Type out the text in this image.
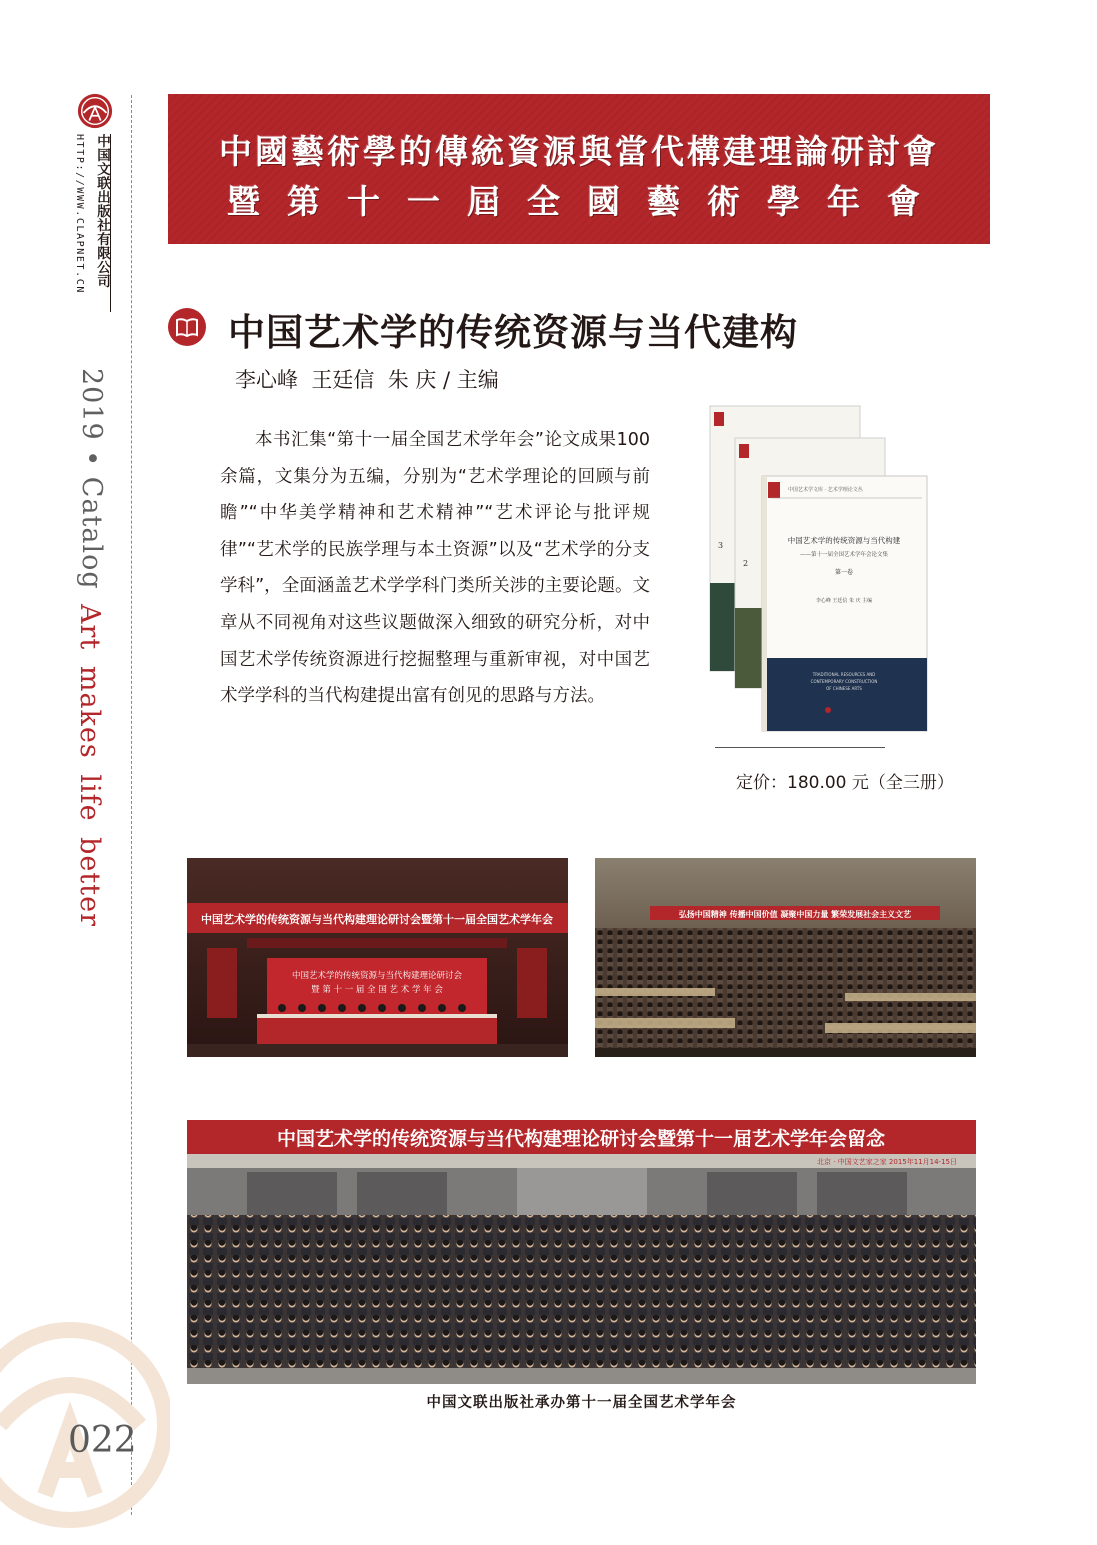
中国文联出版社有限公司
HTTP://WWW.CLAPNET.CN
2019 • Catalog
Art makes life better
022
中國藝術學的傳統資源與當代構建理論研討會
暨第十一屆全國藝術學年會
中国艺术学的传统资源与当代建构
李心峰  王廷信  朱 庆 / 主编

本书汇集“第十一届全国艺术学年会”论文成果100余篇，文集分为五编，分别为“艺术学理论的回顾与前瞻”“中华美学精神和艺术精神”“艺术评论与批评规律”“艺术学的民族学理与本土资源”以及“艺术学的分支学科”，全面涵盖艺术学学科门类所关涉的主要论题。文章从不同视角对这些议题做深入细致的研究分析，对中国艺术学传统资源进行挖掘整理与重新审视，对中国艺术学学科的当代构建提出富有创见的思路与方法。

3
2
中国艺术学文库 · 艺术学理论文丛
中国艺术学的传统资源与当代构建
——第十一届全国艺术学年会论文集
第一卷
李心峰 王廷信 朱 庆 主编
TRADITIONAL RESOURCES AND
CONTEMPORARY CONSTRUCTION
OF CHINESE ARTS
定价：180.00 元（全三册）
中国艺术学的传统资源与当代构建理论研讨会暨第十一届全国艺术学年会
中国艺术学的传统资源与当代构建理论研讨会
暨 第 十 一 届 全 国 艺 术 学 年 会
弘扬中国精神 传播中国价值 凝聚中国力量 繁荣发展社会主义文艺
中国艺术学的传统资源与当代构建理论研讨会暨第十一届艺术学年会留念
北京 · 中国文艺家之家 2015年11月14-15日
中国文联出版社承办第十一届全国艺术学年会
